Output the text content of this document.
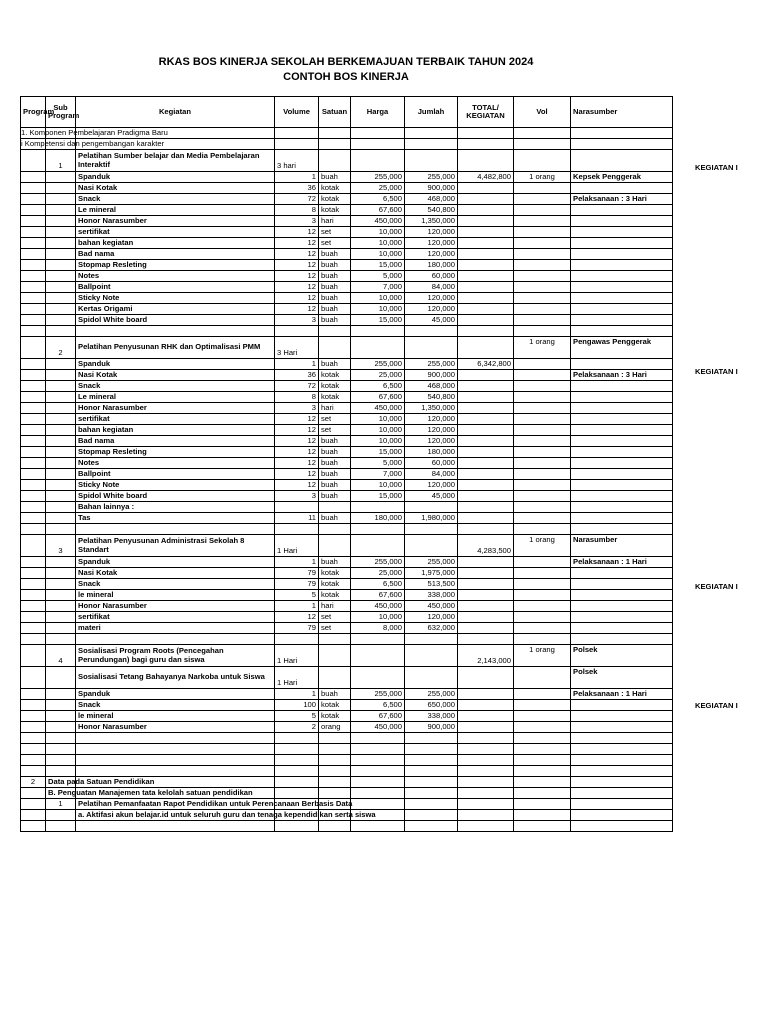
RKAS BOS KINERJA SEKOLAH BERKEMAJUAN TERBAIK TAHUN 2024
CONTOH BOS KINERJA
Program	Sub Program	Kegiatan	Volume	Satuan	Harga	Jumlah	TOTAL/ KEGIATAN	Vol	Narasumber
1. Komponen Pembelajaran Pradigma Baru									
i Kompetensi dan pengembangan karakter									
	1	Pelatihan Sumber belajar dan Media Pembelajaran Interaktif	3 hari						
		Spanduk	1	buah	255,000	255,000	4,482,800	1 orang	Kepsek Penggerak
		Nasi Kotak	36	kotak	25,000	900,000			
		Snack	72	kotak	6,500	468,000			Pelaksanaan : 3 Hari
		Le mineral	8	kotak	67,600	540,800			
		Honor Narasumber	3	hari	450,000	1,350,000			
		sertifikat	12	set	10,000	120,000			
		bahan kegiatan	12	set	10,000	120,000			
		Bad nama	12	buah	10,000	120,000			
		Stopmap Resleting	12	buah	15,000	180,000			
		Notes	12	buah	5,000	60,000			
		Ballpoint	12	buah	7,000	84,000			
		Sticky Note	12	buah	10,000	120,000			
		Kertas Origami	12	buah	10,000	120,000			
		Spidol White board	3	buah	15,000	45,000			

	2	Pelatihan Penyusunan RHK dan Optimalisasi PMM	3 Hari					1 orang	Pengawas Penggerak
		Spanduk	1	buah	255,000	255,000	6,342,800		
		Nasi Kotak	36	kotak	25,000	900,000			Pelaksanaan : 3 Hari
		Snack	72	kotak	6,500	468,000			
		Le mineral	8	kotak	67,600	540,800			
		Honor Narasumber	3	hari	450,000	1,350,000			
		sertifikat	12	set	10,000	120,000			
		bahan kegiatan	12	set	10,000	120,000			
		Bad nama	12	buah	10,000	120,000			
		Stopmap Resleting	12	buah	15,000	180,000			
		Notes	12	buah	5,000	60,000			
		Ballpoint	12	buah	7,000	84,000			
		Sticky Note	12	buah	10,000	120,000			
		Spidol White board	3	buah	15,000	45,000			
		Bahan lainnya :							
		Tas	11	buah	180,000	1,980,000			

	3	Pelatihan Penyusunan Administrasi Sekolah 8 Standart	1 Hari				4,283,500	1 orang	Narasumber
		Spanduk	1	buah	255,000	255,000			Pelaksanaan : 1 Hari
		Nasi Kotak	79	kotak	25,000	1,975,000			
		Snack	79	kotak	6,500	513,500			
		le mineral	5	kotak	67,600	338,000			
		Honor Narasumber	1	hari	450,000	450,000			
		sertifikat	12	set	10,000	120,000			
		materi	79	set	8,000	632,000			

	4	Sosialisasi Program Roots (Pencegahan Perundungan) bagi guru dan siswa	1 Hari				2,143,000	1 orang	Polsek
		Sosialisasi Tetang Bahayanya Narkoba untuk Siswa	1 Hari						Polsek
		Spanduk	1	buah	255,000	255,000			Pelaksanaan : 1 Hari
		Snack	100	kotak	6,500	650,000			
		le mineral	5	kotak	67,600	338,000			
		Honor Narasumber	2	orang	450,000	900,000			

2	Data pada Satuan Pendidikan								
	B. Penguatan Manajemen tata kelolah satuan pendidikan								
	1	Pelatihan Pemanfaatan Rapot Pendidikan untuk Perencanaan Berbasis Data							
		a. Aktifasi akun belajar.id untuk seluruh guru dan tenaga kependidikan serta siswa							

KEGIATAN I
KEGIATAN I
KEGIATAN I
KEGIATAN I
